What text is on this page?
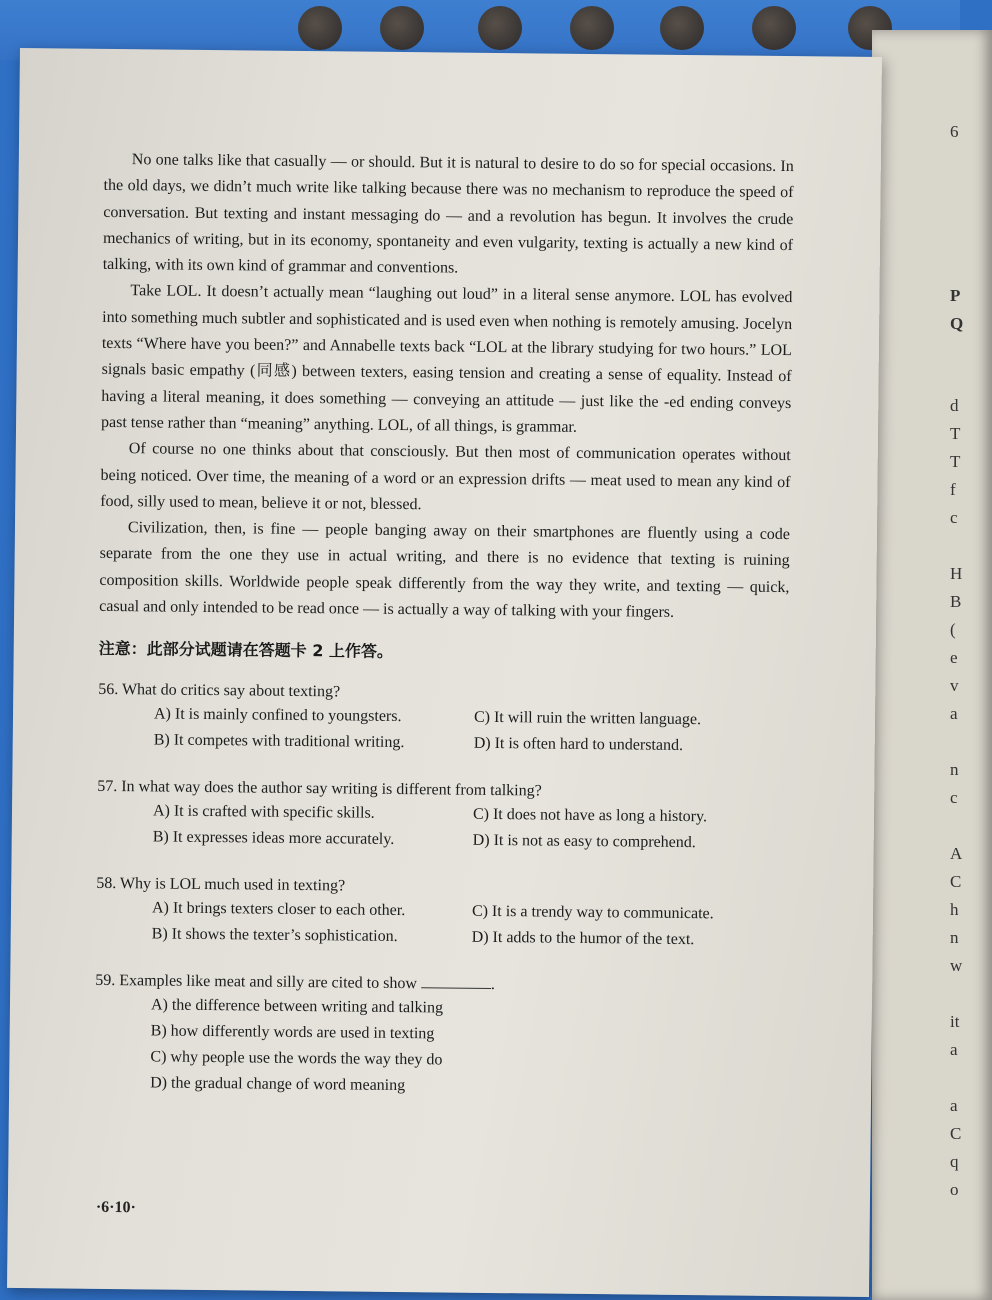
6
P
Q
d
T
T
f
c
H
B
(
e
v
a
n
c
A
C
h
n
w
it
a
a
C
q
o

No one talks like that casually — or should. But it is natural to desire to do so for special occasions. In the old days, we didn’t much write like talking because there was no mechanism to reproduce the speed of conversation. But texting and instant messaging do — and a revolution has begun. It involves the crude mechanics of writing, but in its economy, spontaneity and even vulgarity, texting is actually a new kind of talking, with its own kind of grammar and conventions.

Take LOL. It doesn’t actually mean “laughing out loud” in a literal sense anymore. LOL has evolved into something much subtler and sophisticated and is used even when nothing is remotely amusing. Jocelyn texts “Where have you been?” and Annabelle texts back “LOL at the library studying for two hours.” LOL signals basic empathy (同感) between texters, easing tension and creating a sense of equality. Instead of having a literal meaning, it does something — conveying an attitude — just like the -ed ending conveys past tense rather than “meaning” anything. LOL, of all things, is grammar.

Of course no one thinks about that consciously. But then most of communication operates without being noticed. Over time, the meaning of a word or an expression drifts — meat used to mean any kind of food, silly used to mean, believe it or not, blessed.

Civilization, then, is fine — people banging away on their smartphones are fluently using a code separate from the one they use in actual writing, and there is no evidence that texting is ruining composition skills. Worldwide people speak differently from the way they write, and texting — quick, casual and only intended to be read once — is actually a way of talking with your fingers.

注意：此部分试题请在答题卡 2 上作答。
56. What do critics say about texting?
A) It is mainly confined to youngsters.	C) It will ruin the written language.
B) It competes with traditional writing.	D) It is often hard to understand.
57. In what way does the author say writing is different from talking?
A) It is crafted with specific skills.	C) It does not have as long a history.
B) It expresses ideas more accurately.	D) It is not as easy to comprehend.
58. Why is LOL much used in texting?
A) It brings texters closer to each other.	C) It is a trendy way to communicate.
B) It shows the texter’s sophistication.	D) It adds to the humor of the text.
59. Examples like meat and silly are cited to show	.
A) the difference between writing and talking
B) how differently words are used in texting
C) why people use the words the way they do
D) the gradual change of word meaning
·6·10·
